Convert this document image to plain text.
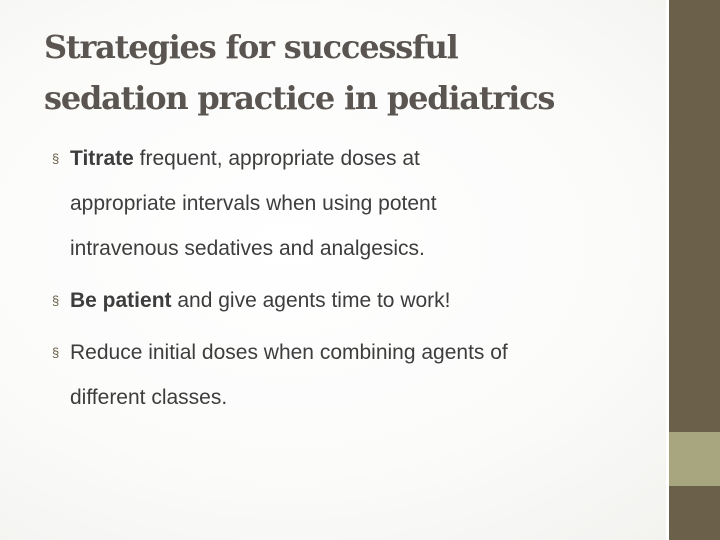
Strategies for successful
sedation practice in pediatrics
§ Titrate frequent, appropriate doses at
appropriate intervals when using potent
intravenous sedatives and analgesics.
§ Be patient and give agents time to work!
§ Reduce initial doses when combining agents of
different classes.
